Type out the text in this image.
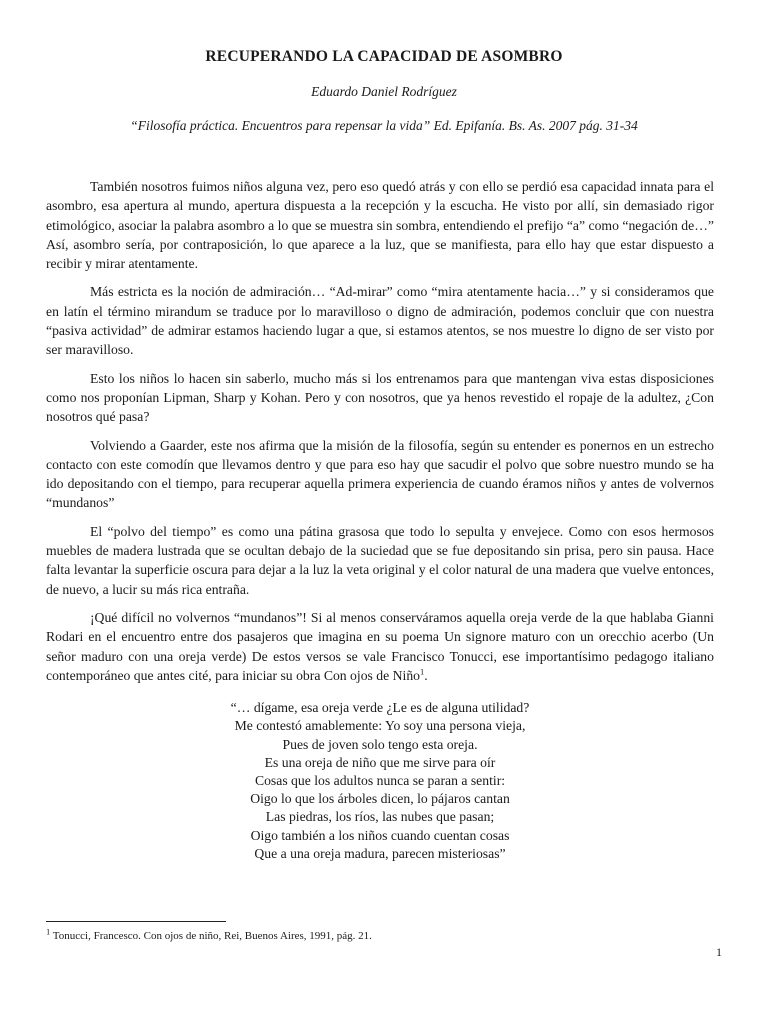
RECUPERANDO LA CAPACIDAD DE ASOMBRO
Eduardo Daniel Rodríguez
“Filosofía práctica. Encuentros para repensar la vida” Ed. Epifanía. Bs. As. 2007 pág. 31-34

También nosotros fuimos niños alguna vez, pero eso quedó atrás y con ello se perdió esa capacidad innata para el asombro, esa apertura al mundo, apertura dispuesta a la recepción y la escucha. He visto por allí, sin demasiado rigor etimológico, asociar la palabra asombro a lo que se muestra sin sombra, entendiendo el prefijo “a” como “negación de…” Así, asombro sería, por contraposición, lo que aparece a la luz, que se manifiesta, para ello hay que estar dispuesto a recibir y mirar atentamente.

Más estricta es la noción de admiración… “Ad-mirar” como “mira atentamente hacia…” y si consideramos que en latín el término mirandum se traduce por lo maravilloso o digno de admiración, podemos concluir que con nuestra “pasiva actividad” de admirar estamos haciendo lugar a que, si estamos atentos, se nos muestre lo digno de ser visto por ser maravilloso.

Esto los niños lo hacen sin saberlo, mucho más si los entrenamos para que mantengan viva estas disposiciones como nos proponían Lipman, Sharp y Kohan. Pero y con nosotros, que ya henos revestido el ropaje de la adultez, ¿Con nosotros qué pasa?

Volviendo a Gaarder, este nos afirma que la misión de la filosofía, según su entender es ponernos en un estrecho contacto con este comodín que llevamos dentro y que para eso hay que sacudir el polvo que sobre nuestro mundo se ha ido depositando con el tiempo, para recuperar aquella primera experiencia de cuando éramos niños y antes de volvernos “mundanos”

El “polvo del tiempo” es como una pátina grasosa que todo lo sepulta y envejece. Como con esos hermosos muebles de madera lustrada que se ocultan debajo de la suciedad que se fue depositando sin prisa, pero sin pausa. Hace falta levantar la superficie oscura para dejar a la luz la veta original y el color natural de una madera que vuelve entonces, de nuevo, a lucir su más rica entraña.

¡Qué difícil no volvernos “mundanos”! Si al menos conserváramos aquella oreja verde de la que hablaba Gianni Rodari en el encuentro entre dos pasajeros que imagina en su poema Un signore maturo con un orecchio acerbo (Un señor maduro con una oreja verde) De estos versos se vale Francisco Tonucci, ese importantísimo pedagogo italiano contemporáneo que antes cité, para iniciar su obra Con ojos de Niño$^1$.

“… dígame, esa oreja verde ¿Le es de alguna utilidad?
Me contestó amablemente: Yo soy una persona vieja,
Pues de joven solo tengo esta oreja.
Es una oreja de niño que me sirve para oír
Cosas que los adultos nunca se paran a sentir:
Oigo lo que los árboles dicen, lo pájaros cantan
Las piedras, los ríos, las nubes que pasan;
Oigo también a los niños cuando cuentan cosas
Que a una oreja madura, parecen misteriosas”
$^1$ Tonucci, Francesco. Con ojos de niño, Rei, Buenos Aires, 1991, pág. 21.
1
